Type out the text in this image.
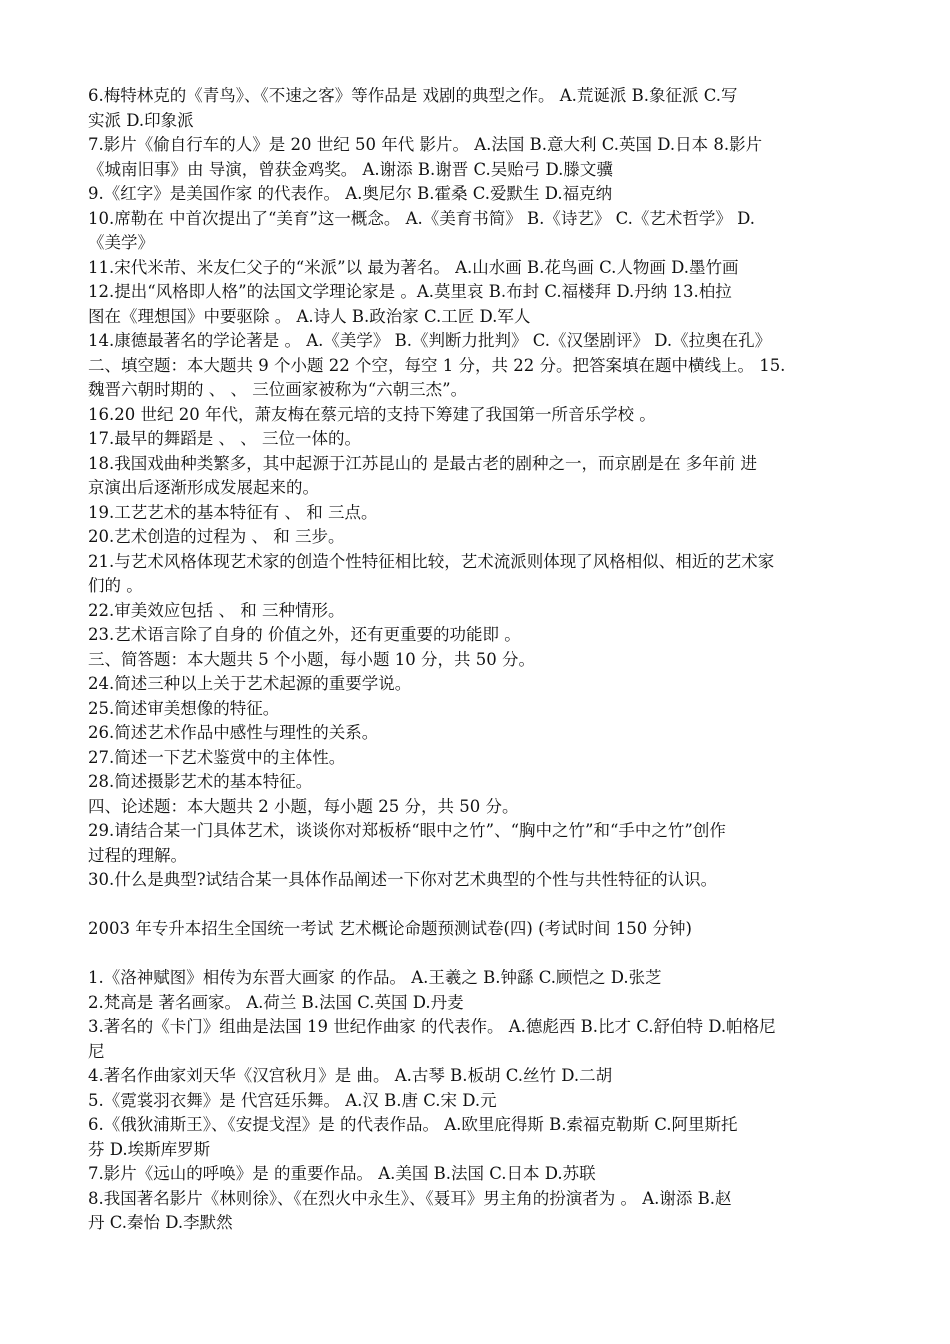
6.梅特林克的《青鸟》、《不速之客》等作品是 戏剧的典型之作。 A.荒诞派 B.象征派 C.写
实派 D.印象派
7.影片《偷自行车的人》是 20 世纪 50 年代 影片。 A.法国 B.意大利 C.英国 D.日本 8.影片
《城南旧事》由 导演，曾获金鸡奖。 A.谢添 B.谢晋 C.吴贻弓 D.滕文骥
9.《红字》是美国作家 的代表作。 A.奥尼尔 B.霍桑 C.爱默生 D.福克纳
10.席勒在 中首次提出了“美育”这一概念。 A.《美育书简》 B.《诗艺》 C.《艺术哲学》 D.
《美学》
11.宋代米芾、米友仁父子的“米派”以 最为著名。 A.山水画 B.花鸟画 C.人物画 D.墨竹画
12.提出“风格即人格”的法国文学理论家是 。A.莫里哀 B.布封 C.福楼拜 D.丹纳 13.柏拉
图在《理想国》中要驱除 。 A.诗人 B.政治家 C.工匠 D.军人
14.康德最著名的学论著是 。 A.《美学》 B.《判断力批判》 C.《汉堡剧评》 D.《拉奥在孔》
二、填空题：本大题共 9 个小题 22 个空，每空 1 分，共 22 分。把答案填在题中横线上。 15.
魏晋六朝时期的 、 、 三位画家被称为“六朝三杰”。
16.20 世纪 20 年代，萧友梅在蔡元培的支持下筹建了我国第一所音乐学校 。
17.最早的舞蹈是 、 、 三位一体的。
18.我国戏曲种类繁多，其中起源于江苏昆山的 是最古老的剧种之一，而京剧是在 多年前 进
京演出后逐渐形成发展起来的。
19.工艺艺术的基本特征有 、 和 三点。
20.艺术创造的过程为 、 和 三步。
21.与艺术风格体现艺术家的创造个性特征相比较，艺术流派则体现了风格相似、相近的艺术家
们的 。
22.审美效应包括 、 和 三种情形。
23.艺术语言除了自身的 价值之外，还有更重要的功能即 。
三、简答题：本大题共 5 个小题，每小题 10 分，共 50 分。
24.简述三种以上关于艺术起源的重要学说。
25.简述审美想像的特征。
26.简述艺术作品中感性与理性的关系。
27.简述一下艺术鉴赏中的主体性。
28.简述摄影艺术的基本特征。
四、论述题：本大题共 2 小题，每小题 25 分，共 50 分。
29.请结合某一门具体艺术，谈谈你对郑板桥“眼中之竹”、“胸中之竹”和“手中之竹”创作
过程的理解。
30.什么是典型?试结合某一具体作品阐述一下你对艺术典型的个性与共性特征的认识。
2003 年专升本招生全国统一考试 艺术概论命题预测试卷(四) (考试时间 150 分钟)
1.《洛神赋图》相传为东晋大画家 的作品。 A.王羲之 B.钟繇 C.顾恺之 D.张芝
2.梵高是 著名画家。 A.荷兰 B.法国 C.英国 D.丹麦
3.著名的《卡门》组曲是法国 19 世纪作曲家 的代表作。 A.德彪西 B.比才 C.舒伯特 D.帕格尼
尼
4.著名作曲家刘天华《汉宫秋月》是 曲。 A.古琴 B.板胡 C.丝竹 D.二胡
5.《霓裳羽衣舞》是 代宫廷乐舞。 A.汉 B.唐 C.宋 D.元
6.《俄狄浦斯王》、《安提戈涅》是 的代表作品。 A.欧里庇得斯 B.索福克勒斯 C.阿里斯托
芬 D.埃斯库罗斯
7.影片《远山的呼唤》是 的重要作品。 A.美国 B.法国 C.日本 D.苏联
8.我国著名影片《林则徐》、《在烈火中永生》、《聂耳》男主角的扮演者为 。 A.谢添 B.赵
丹 C.秦怡 D.李默然
